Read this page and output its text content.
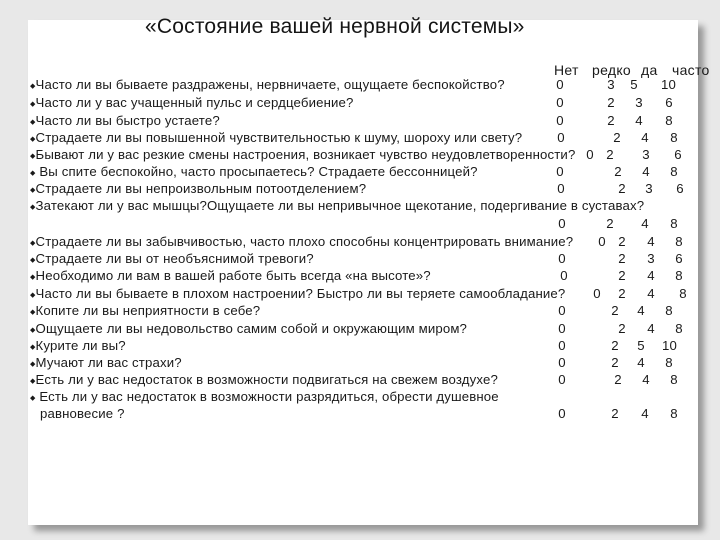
«Состояние вашей нервной системы»
Нет редко да часто
◆Часто ли вы бываете раздражены, нервничаете, ощущаете беспокойство?	0	3 5 10
◆Часто ли у вас учащенный пульс и сердцебиение?	0	2 3 6
◆Часто ли вы быстро устаете?	0	2 4 8
◆Страдаете ли вы повышенной чувствительностью к шуму, шороху или свету?	0	2 4 8
◆Бывают ли у вас резкие смены настроения, возникает чувство неудовлетворенности? 0 2 3 6
◆ Вы спите беспокойно, часто просыпаетесь? Страдаете бессонницей?	0	2 4 8
◆Страдаете ли вы непроизвольным потоотделением?	0	2 3 6
◆Затекают ли у вас мышцы?Ощущаете ли вы непривычное щекотание, подергивание в суставах?
0	2 4 8
◆Страдаете ли вы забывчивостью, часто плохо способны концентрировать внимание? 0 2 4 8
◆Страдаете ли вы от необъяснимой тревоги?	0	2 3 6
◆Необходимо ли вам в вашей работе быть всегда «на высоте»?	0	2 4 8
◆Часто ли вы бываете в плохом настроении? Быстро ли вы теряете самообладание? 0 2 4 8
◆Копите ли вы неприятности в себе?	0	2 4 8
◆Ощущаете ли вы недовольство самим собой и окружающим миром?	0	2 4 8
◆Курите ли вы?	0	2 5 10
◆Мучают ли вас страхи?	0	2 4 8
◆Есть ли у вас недостаток в возможности подвигаться на свежем воздухе?	0	2 4 8
◆ Есть ли у вас недостаток в возможности разрядиться, обрести душевное
равновесие ?	0	2 4 8
